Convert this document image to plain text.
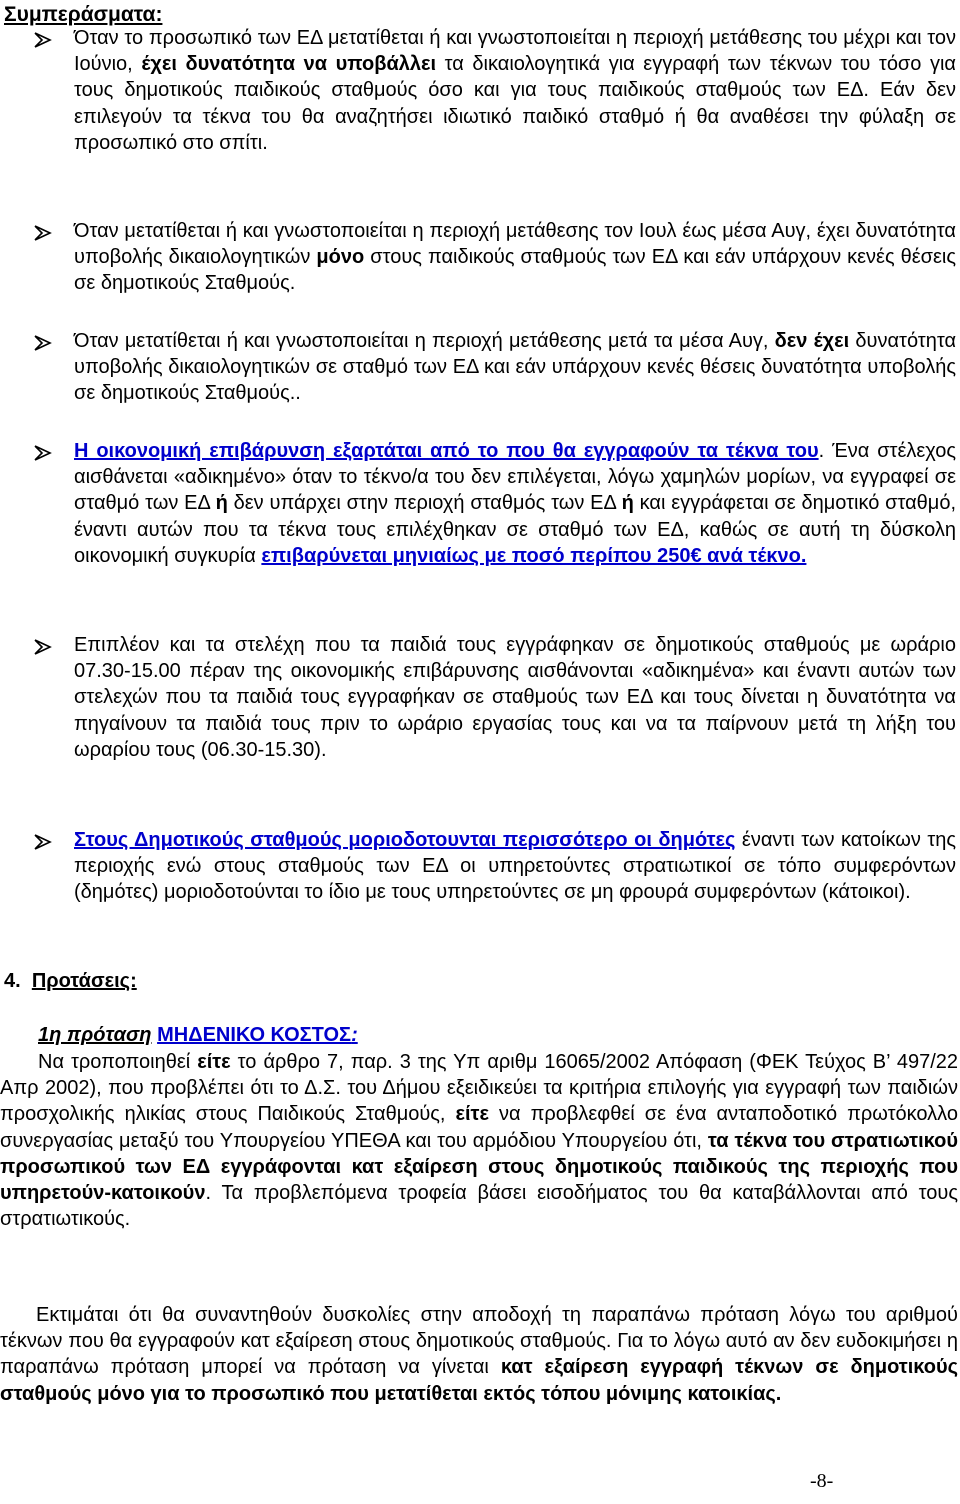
Συμπεράσματα:
Όταν το προσωπικό των ΕΔ μετατίθεται ή και γνωστοποιείται η περιοχή μετάθεσης του μέχρι και τον Ιούνιο, έχει δυνατότητα να υποβάλλει τα δικαιολογητικά για εγγραφή των τέκνων του τόσο για τους δημοτικούς παιδικούς σταθμούς όσο και για τους παιδικούς σταθμούς των ΕΔ. Εάν δεν επιλεγούν τα τέκνα του θα αναζητήσει ιδιωτικό παιδικό σταθμό ή θα αναθέσει την φύλαξη σε προσωπικό στο σπίτι.
Όταν μετατίθεται ή και γνωστοποιείται η περιοχή μετάθεσης τον Ιουλ έως μέσα Αυγ, έχει δυνατότητα υποβολής δικαιολογητικών μόνο στους παιδικούς σταθμούς των ΕΔ και εάν υπάρχουν κενές θέσεις σε δημοτικούς Σταθμούς.
Όταν μετατίθεται ή και γνωστοποιείται η περιοχή μετάθεσης μετά τα μέσα Αυγ, δεν έχει δυνατότητα υποβολής δικαιολογητικών σε σταθμό των ΕΔ και εάν υπάρχουν κενές θέσεις δυνατότητα υποβολής σε δημοτικούς Σταθμούς..
Η οικονομική επιβάρυνση εξαρτάται από το που θα εγγραφούν τα τέκνα του. Ένα στέλεχος αισθάνεται «αδικημένο» όταν το τέκνο/α του δεν επιλέγεται, λόγω χαμηλών μορίων, να εγγραφεί σε σταθμό των ΕΔ ή δεν υπάρχει στην περιοχή σταθμός των ΕΔ ή και εγγράφεται σε δημοτικό σταθμό, έναντι αυτών που τα τέκνα τους επιλέχθηκαν σε σταθμό των ΕΔ, καθώς σε αυτή τη δύσκολη οικονομική συγκυρία επιβαρύνεται μηνιαίως με ποσό περίπου 250€ ανά τέκνο.
Επιπλέον και τα στελέχη που τα παιδιά τους εγγράφηκαν σε δημοτικούς σταθμούς με ωράριο 07.30-15.00 πέραν της οικονομικής επιβάρυνσης αισθάνονται «αδικημένα» και έναντι αυτών των στελεχών που τα παιδιά τους εγγραφήκαν σε σταθμούς των ΕΔ και τους δίνεται η δυνατότητα να πηγαίνουν τα παιδιά τους πριν το ωράριο εργασίας τους και να τα παίρνουν μετά τη λήξη του ωραρίου τους (06.30-15.30).
Στους Δημοτικούς σταθμούς μοριοδοτουνται περισσότερο οι δημότες έναντι των κατοίκων της περιοχής ενώ στους σταθμούς των ΕΔ οι υπηρετούντες στρατιωτικοί σε τόπο συμφερόντων (δημότες) μοριοδοτούνται το ίδιο με τους υπηρετούντες σε μη φρουρά συμφερόντων (κάτοικοι).
4. Προτάσεις:
1η πρόταση ΜΗΔΕΝΙΚΟ ΚΟΣΤΟΣ:
Να τροποποιηθεί είτε το άρθρο 7, παρ. 3 της Υπ αριθμ 16065/2002 Απόφαση (ΦΕΚ Τεύχος Β’ 497/22 Απρ 2002), που προβλέπει ότι το Δ.Σ. του Δήμου εξειδικεύει τα κριτήρια επιλογής για εγγραφή των παιδιών προσχολικής ηλικίας στους Παιδικούς Σταθμούς, είτε να προβλεφθεί σε ένα ανταποδοτικό πρωτόκολλο συνεργασίας μεταξύ του Υπουργείου ΥΠΕΘΑ και του αρμόδιου Υπουργείου ότι, τα τέκνα του στρατιωτικού προσωπικού των ΕΔ εγγράφονται κατ εξαίρεση στους δημοτικούς παιδικούς της περιοχής που υπηρετούν-κατοικούν. Τα προβλεπόμενα τροφεία βάσει εισοδήματος του θα καταβάλλονται από τους στρατιωτικούς.
Εκτιμάται ότι θα συναντηθούν δυσκολίες στην αποδοχή τη παραπάνω πρόταση λόγω του αριθμού τέκνων που θα εγγραφούν κατ εξαίρεση στους δημοτικούς σταθμούς. Για το λόγω αυτό αν δεν ευδοκιμήσει η παραπάνω πρόταση μπορεί να πρόταση να γίνεται κατ εξαίρεση εγγραφή τέκνων σε δημοτικούς σταθμούς μόνο για το προσωπικό που μετατίθεται εκτός τόπου μόνιμης κατοικίας.
-8-
